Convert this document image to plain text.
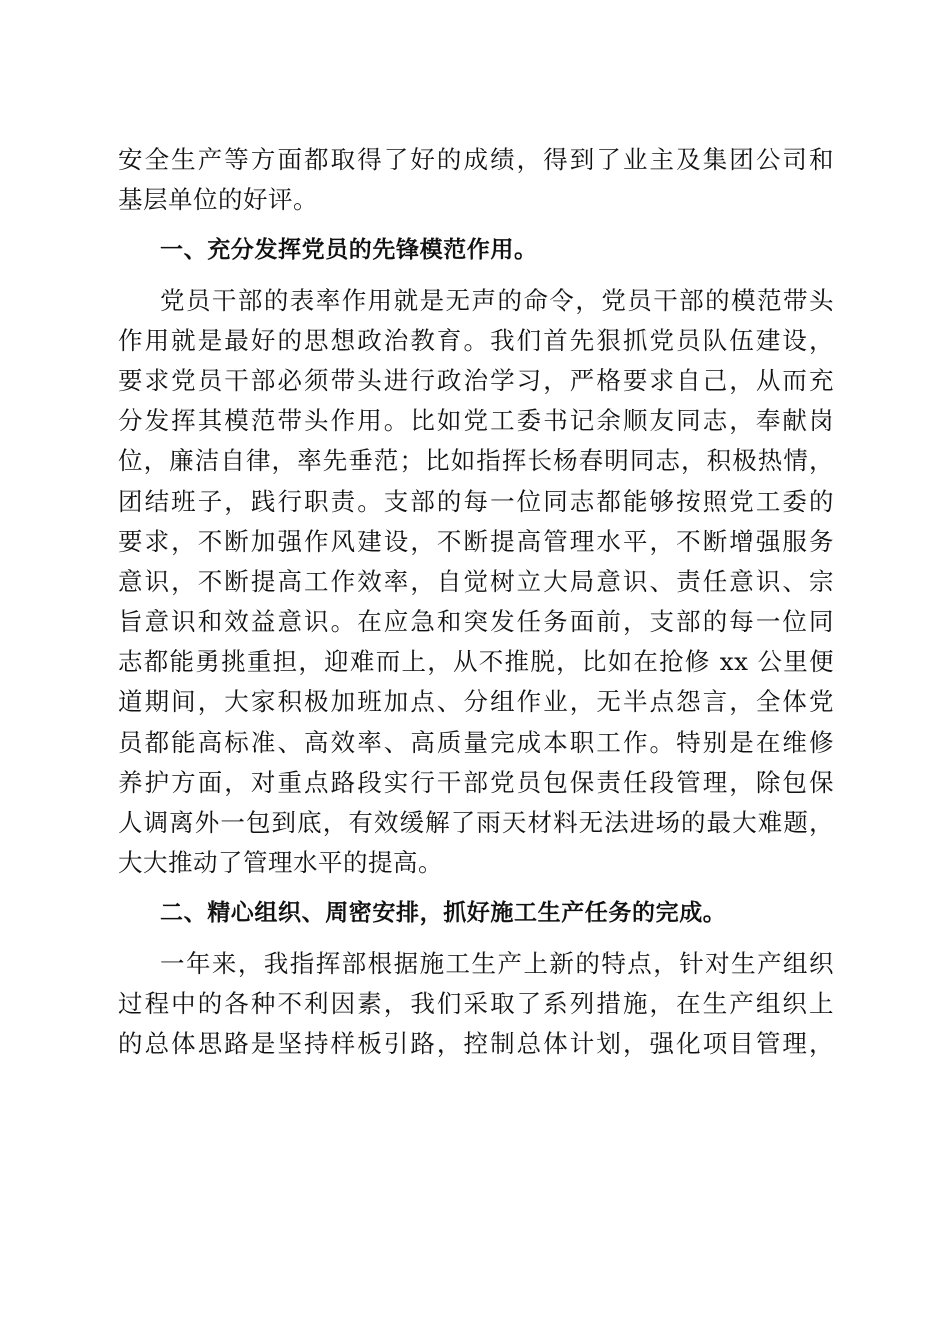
安全生产等方面都取得了好的成绩，得到了业主及集团公司和
基层单位的好评。
一、充分发挥党员的先锋模范作用。
党员干部的表率作用就是无声的命令，党员干部的模范带头
作用就是最好的思想政治教育。我们首先狠抓党员队伍建设，
要求党员干部必须带头进行政治学习，严格要求自己，从而充
分发挥其模范带头作用。比如党工委书记余顺友同志，奉献岗
位，廉洁自律，率先垂范；比如指挥长杨春明同志，积极热情，
团结班子，践行职责。支部的每一位同志都能够按照党工委的
要求，不断加强作风建设，不断提高管理水平，不断增强服务
意识，不断提高工作效率，自觉树立大局意识、责任意识、宗
旨意识和效益意识。在应急和突发任务面前，支部的每一位同
志都能勇挑重担，迎难而上，从不推脱，比如在抢修 xx 公里便
道期间，大家积极加班加点、分组作业，无半点怨言，全体党
员都能高标准、高效率、高质量完成本职工作。特别是在维修
养护方面，对重点路段实行干部党员包保责任段管理，除包保
人调离外一包到底，有效缓解了雨天材料无法进场的最大难题，
大大推动了管理水平的提高。
二、精心组织、周密安排，抓好施工生产任务的完成。
一年来，我指挥部根据施工生产上新的特点，针对生产组织
过程中的各种不利因素，我们采取了系列措施，在生产组织上
的总体思路是坚持样板引路，控制总体计划，强化项目管理，
